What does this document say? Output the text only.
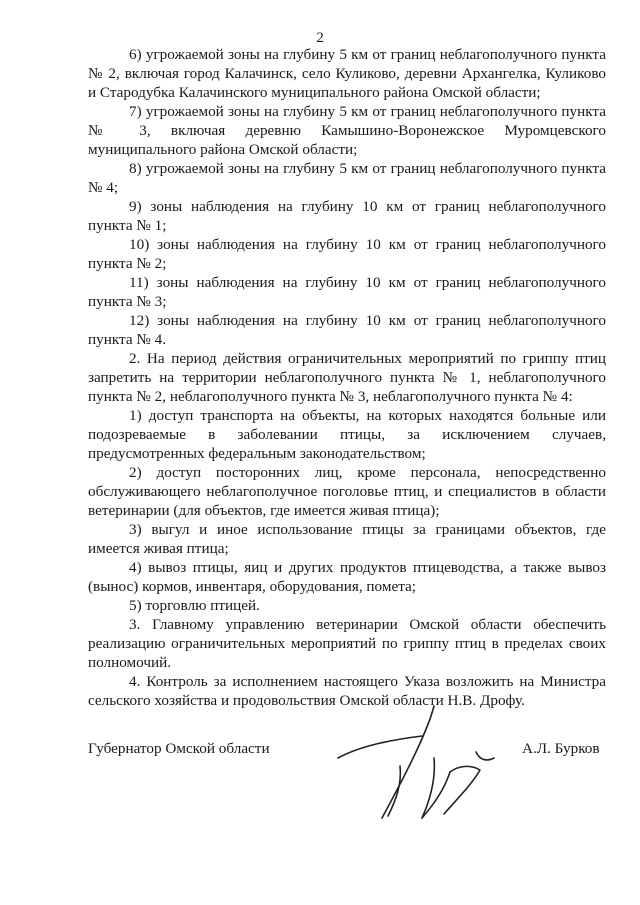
2

6) угрожаемой зоны на глубину 5 км от границ неблагополучного пункта № 2, включая город Калачинск, село Куликово, деревни Архангелка, Куликово и Стародубка Калачинского муниципального района Омской области;

7) угрожаемой зоны на глубину 5 км от границ неблагополучного пункта № 3, включая деревню Камышино-Воронежское Муромцевского муниципального района Омской области;

8) угрожаемой зоны на глубину 5 км от границ неблагополучного пункта № 4;

9) зоны наблюдения на глубину 10 км от границ неблагополучного пункта № 1;

10) зоны наблюдения на глубину 10 км от границ неблагополучного пункта № 2;

11) зоны наблюдения на глубину 10 км от границ неблагополучного пункта № 3;

12) зоны наблюдения на глубину 10 км от границ неблагополучного пункта № 4.

2. На период действия ограничительных мероприятий по гриппу птиц запретить на территории неблагополучного пункта № 1, неблагополучного пункта № 2, неблагополучного пункта № 3, неблагополучного пункта № 4:

1) доступ транспорта на объекты, на которых находятся больные или подозреваемые в заболевании птицы, за исключением случаев, предусмотренных федеральным законодательством;

2) доступ посторонних лиц, кроме персонала, непосредственно обслуживающего неблагополучное поголовье птиц, и специалистов в области ветеринарии (для объектов, где имеется живая птица);

3) выгул и иное использование птицы за границами объектов, где имеется живая птица;

4) вывоз птицы, яиц и других продуктов птицеводства, а также вывоз (вынос) кормов, инвентаря, оборудования, помета;

5) торговлю птицей.

3. Главному управлению ветеринарии Омской области обеспечить реализацию ограничительных мероприятий по гриппу птиц в пределах своих полномочий.

4. Контроль за исполнением настоящего Указа возложить на Министра сельского хозяйства и продовольствия Омской области Н.В. Дрофу.

Губернатор Омской области	А.Л. Бурков
